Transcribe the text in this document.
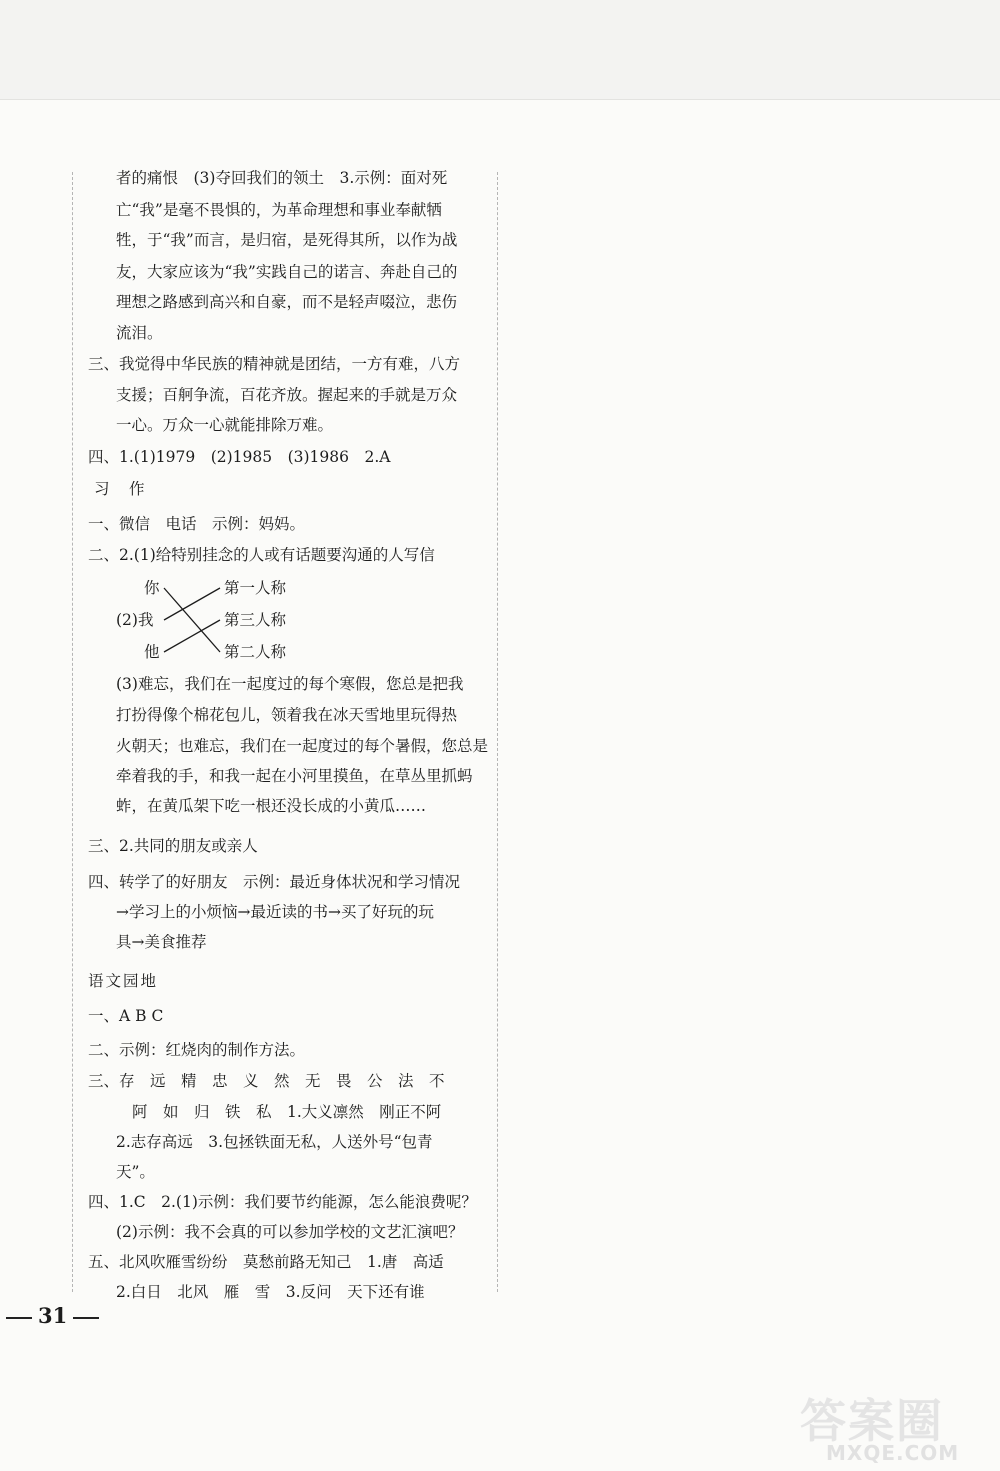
者的痛恨　(3)夺回我们的领土　3.示例：面对死
亡“我”是毫不畏惧的，为革命理想和事业奉献牺
牲，于“我”而言，是归宿，是死得其所，以作为战
友，大家应该为“我”实践自己的诺言、奔赴自己的
理想之路感到高兴和自豪，而不是轻声啜泣，悲伤
流泪。
三、我觉得中华民族的精神就是团结，一方有难，八方
支援；百舸争流，百花齐放。握起来的手就是万众
一心。万众一心就能排除万难。
四、1.(1)1979　(2)1985　(3)1986　2.A
习　作
一、微信　电话　示例：妈妈。
二、2.(1)给特别挂念的人或有话题要沟通的人写信
你
(2)我
他
第一人称
第三人称
第二人称
(3)难忘，我们在一起度过的每个寒假，您总是把我
打扮得像个棉花包儿，领着我在冰天雪地里玩得热
火朝天；也难忘，我们在一起度过的每个暑假，您总是
牵着我的手，和我一起在小河里摸鱼，在草丛里抓蚂
蚱，在黄瓜架下吃一根还没长成的小黄瓜……
三、2.共同的朋友或亲人
四、转学了的好朋友　示例：最近身体状况和学习情况
→学习上的小烦恼→最近读的书→买了好玩的玩
具→美食推荐
语文园地
一、A B C
二、示例：红烧肉的制作方法。
三、存　远　精　忠　义　然　无　畏　公　法　不
阿　如　归　铁　私　1.大义凛然　刚正不阿
2.志存高远　3.包拯铁面无私，人送外号“包青
天”。
四、1.C　2.(1)示例：我们要节约能源，怎么能浪费呢？
(2)示例：我不会真的可以参加学校的文艺汇演吧？
五、北风吹雁雪纷纷　莫愁前路无知己　1.唐　高适
2.白日　北风　雁　雪　3.反问　天下还有谁
31
答案圈
MXQE.COM
